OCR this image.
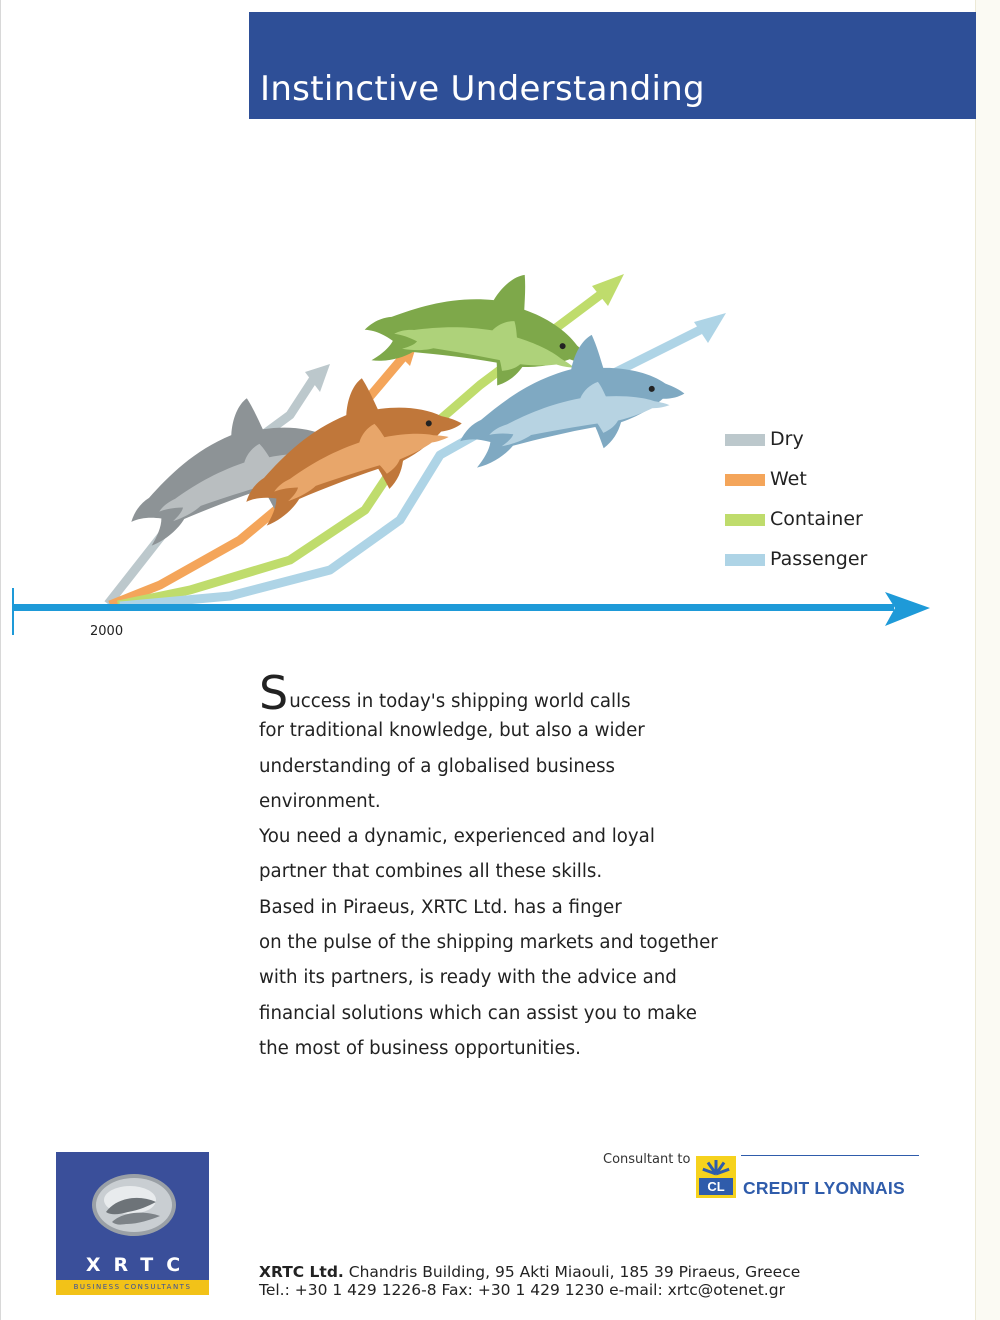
Instinctive Understanding
Dry
Wet
Container
Passenger
2000
Success in today's shipping world calls
for traditional knowledge, but also a wider
understanding of a globalised business
environment.
You need a dynamic, experienced and loyal
partner that combines all these skills.
Based in Piraeus, XRTC Ltd. has a finger
on the pulse of the shipping markets and together
with its partners, is ready with the advice and
financial solutions which can assist you to make
the most of business opportunities.
XRTC
BUSINESS CONSULTANTS
Consultant to
CL CREDIT LYONNAIS
XRTC Ltd. Chandris Building, 95 Akti Miaouli, 185 39 Piraeus, Greece
Tel.: +30 1 429 1226-8 Fax: +30 1 429 1230 e-mail: xrtc@otenet.gr
